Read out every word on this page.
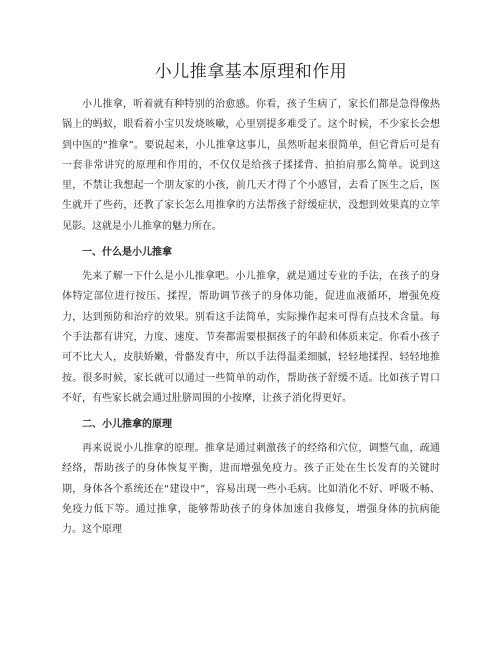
小儿推拿基本原理和作用

小儿推拿，听着就有种特别的治愈感。你看，孩子生病了，家长们都是急得像热锅上的蚂蚁，眼看着小宝贝发烧咳嗽，心里别提多难受了。这个时候，不少家长会想到中医的“推拿”。要说起来，小儿推拿这事儿，虽然听起来很简单，但它背后可是有一套非常讲究的原理和作用的，不仅仅是给孩子揉揉背、拍拍肩那么简单。说到这里，不禁让我想起一个朋友家的小孩，前几天才得了个小感冒，去看了医生之后，医生就开了些药，还教了家长怎么用推拿的方法帮孩子舒缓症状，没想到效果真的立竿见影。这就是小儿推拿的魅力所在。

一、什么是小儿推拿

先来了解一下什么是小儿推拿吧。小儿推拿，就是通过专业的手法，在孩子的身体特定部位进行按压、揉捏，帮助调节孩子的身体功能，促进血液循环，增强免疫力，达到预防和治疗的效果。别看这手法简单，实际操作起来可得有点技术含量。每个手法都有讲究，力度、速度、节奏都需要根据孩子的年龄和体质来定。你看小孩子可不比大人，皮肤娇嫩，骨骼发育中，所以手法得温柔细腻，轻轻地揉捏、轻轻地推按。很多时候，家长就可以通过一些简单的动作，帮助孩子舒缓不适。比如孩子胃口不好，有些家长就会通过肚脐周围的小按摩，让孩子消化得更好。

二、小儿推拿的原理

再来说说小儿推拿的原理。推拿是通过刺激孩子的经络和穴位，调整气血，疏通经络，帮助孩子的身体恢复平衡，进而增强免疫力。孩子正处在生长发育的关键时期，身体各个系统还在“建设中”，容易出现一些小毛病。比如消化不好、呼吸不畅、免疫力低下等。通过推拿，能够帮助孩子的身体加速自我修复，增强身体的抗病能力。这个原理
